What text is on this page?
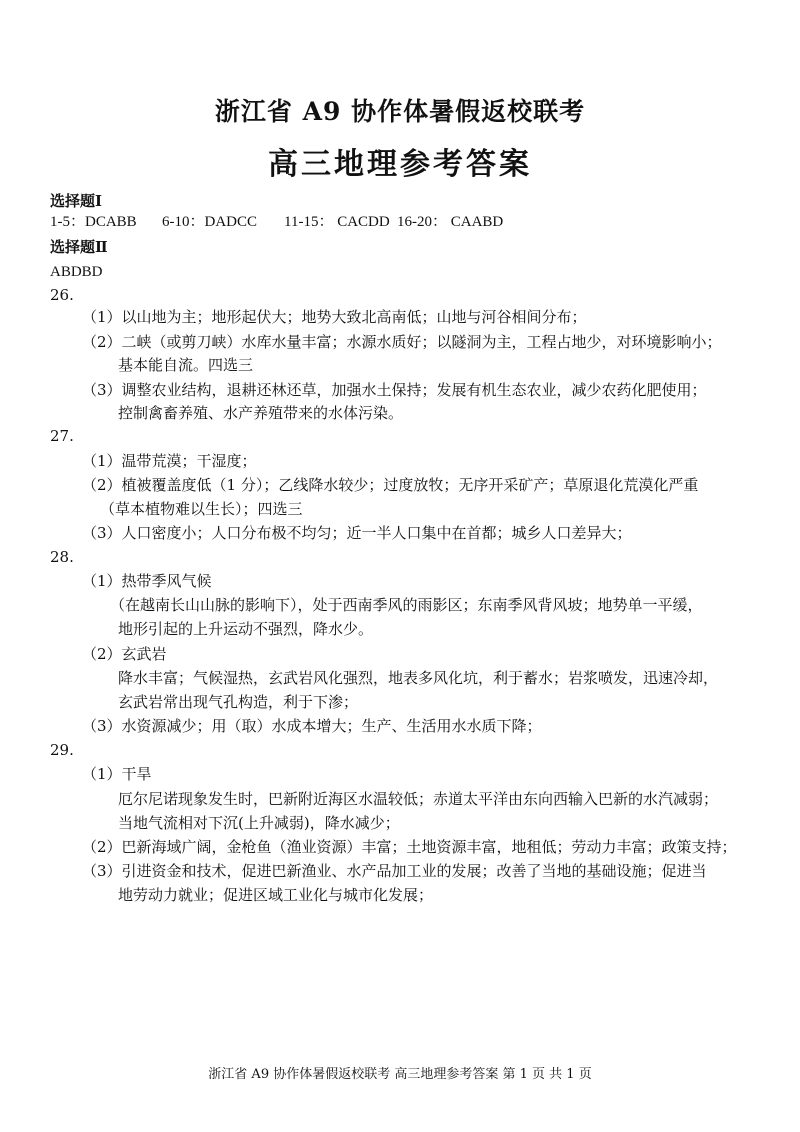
浙江省 A9 协作体暑假返校联考
高三地理参考答案
选择题Ⅰ
1-5：DCABB 6-10：DADCC 11-15： CACDD 16-20： CAABD
选择题Ⅱ
ABDBD
26.
（1）以山地为主；地形起伏大；地势大致北高南低；山地与河谷相间分布；
（2）二峡（或剪刀峡）水库水量丰富；水源水质好；以隧洞为主，工程占地少，对环境影响小；
基本能自流。四选三
（3）调整农业结构，退耕还林还草，加强水土保持；发展有机生态农业，减少农药化肥使用；
控制禽畜养殖、水产养殖带来的水体污染。
27.
（1）温带荒漠；干湿度；
（2）植被覆盖度低（1 分）；乙线降水较少；过度放牧；无序开采矿产；草原退化荒漠化严重
（草本植物难以生长）；四选三
（3）人口密度小；人口分布极不均匀；近一半人口集中在首都；城乡人口差异大；
28.
（1）热带季风气候
（在越南长山山脉的影响下），处于西南季风的雨影区；东南季风背风坡；地势单一平缓，
地形引起的上升运动不强烈，降水少。
（2）玄武岩
降水丰富；气候湿热，玄武岩风化强烈，地表多风化坑，利于蓄水；岩浆喷发，迅速冷却，
玄武岩常出现气孔构造，利于下渗；
（3）水资源减少；用（取）水成本增大；生产、生活用水水质下降；
29.
（1）干旱
厄尔尼诺现象发生时，巴新附近海区水温较低；赤道太平洋由东向西输入巴新的水汽减弱；
当地气流相对下沉(上升减弱)，降水减少；
（2）巴新海域广阔，金枪鱼（渔业资源）丰富；土地资源丰富，地租低；劳动力丰富；政策支持；
（3）引进资金和技术，促进巴新渔业、水产品加工业的发展；改善了当地的基础设施；促进当
地劳动力就业；促进区域工业化与城市化发展；
浙江省 A9 协作体暑假返校联考 高三地理参考答案 第 1 页 共 1 页
